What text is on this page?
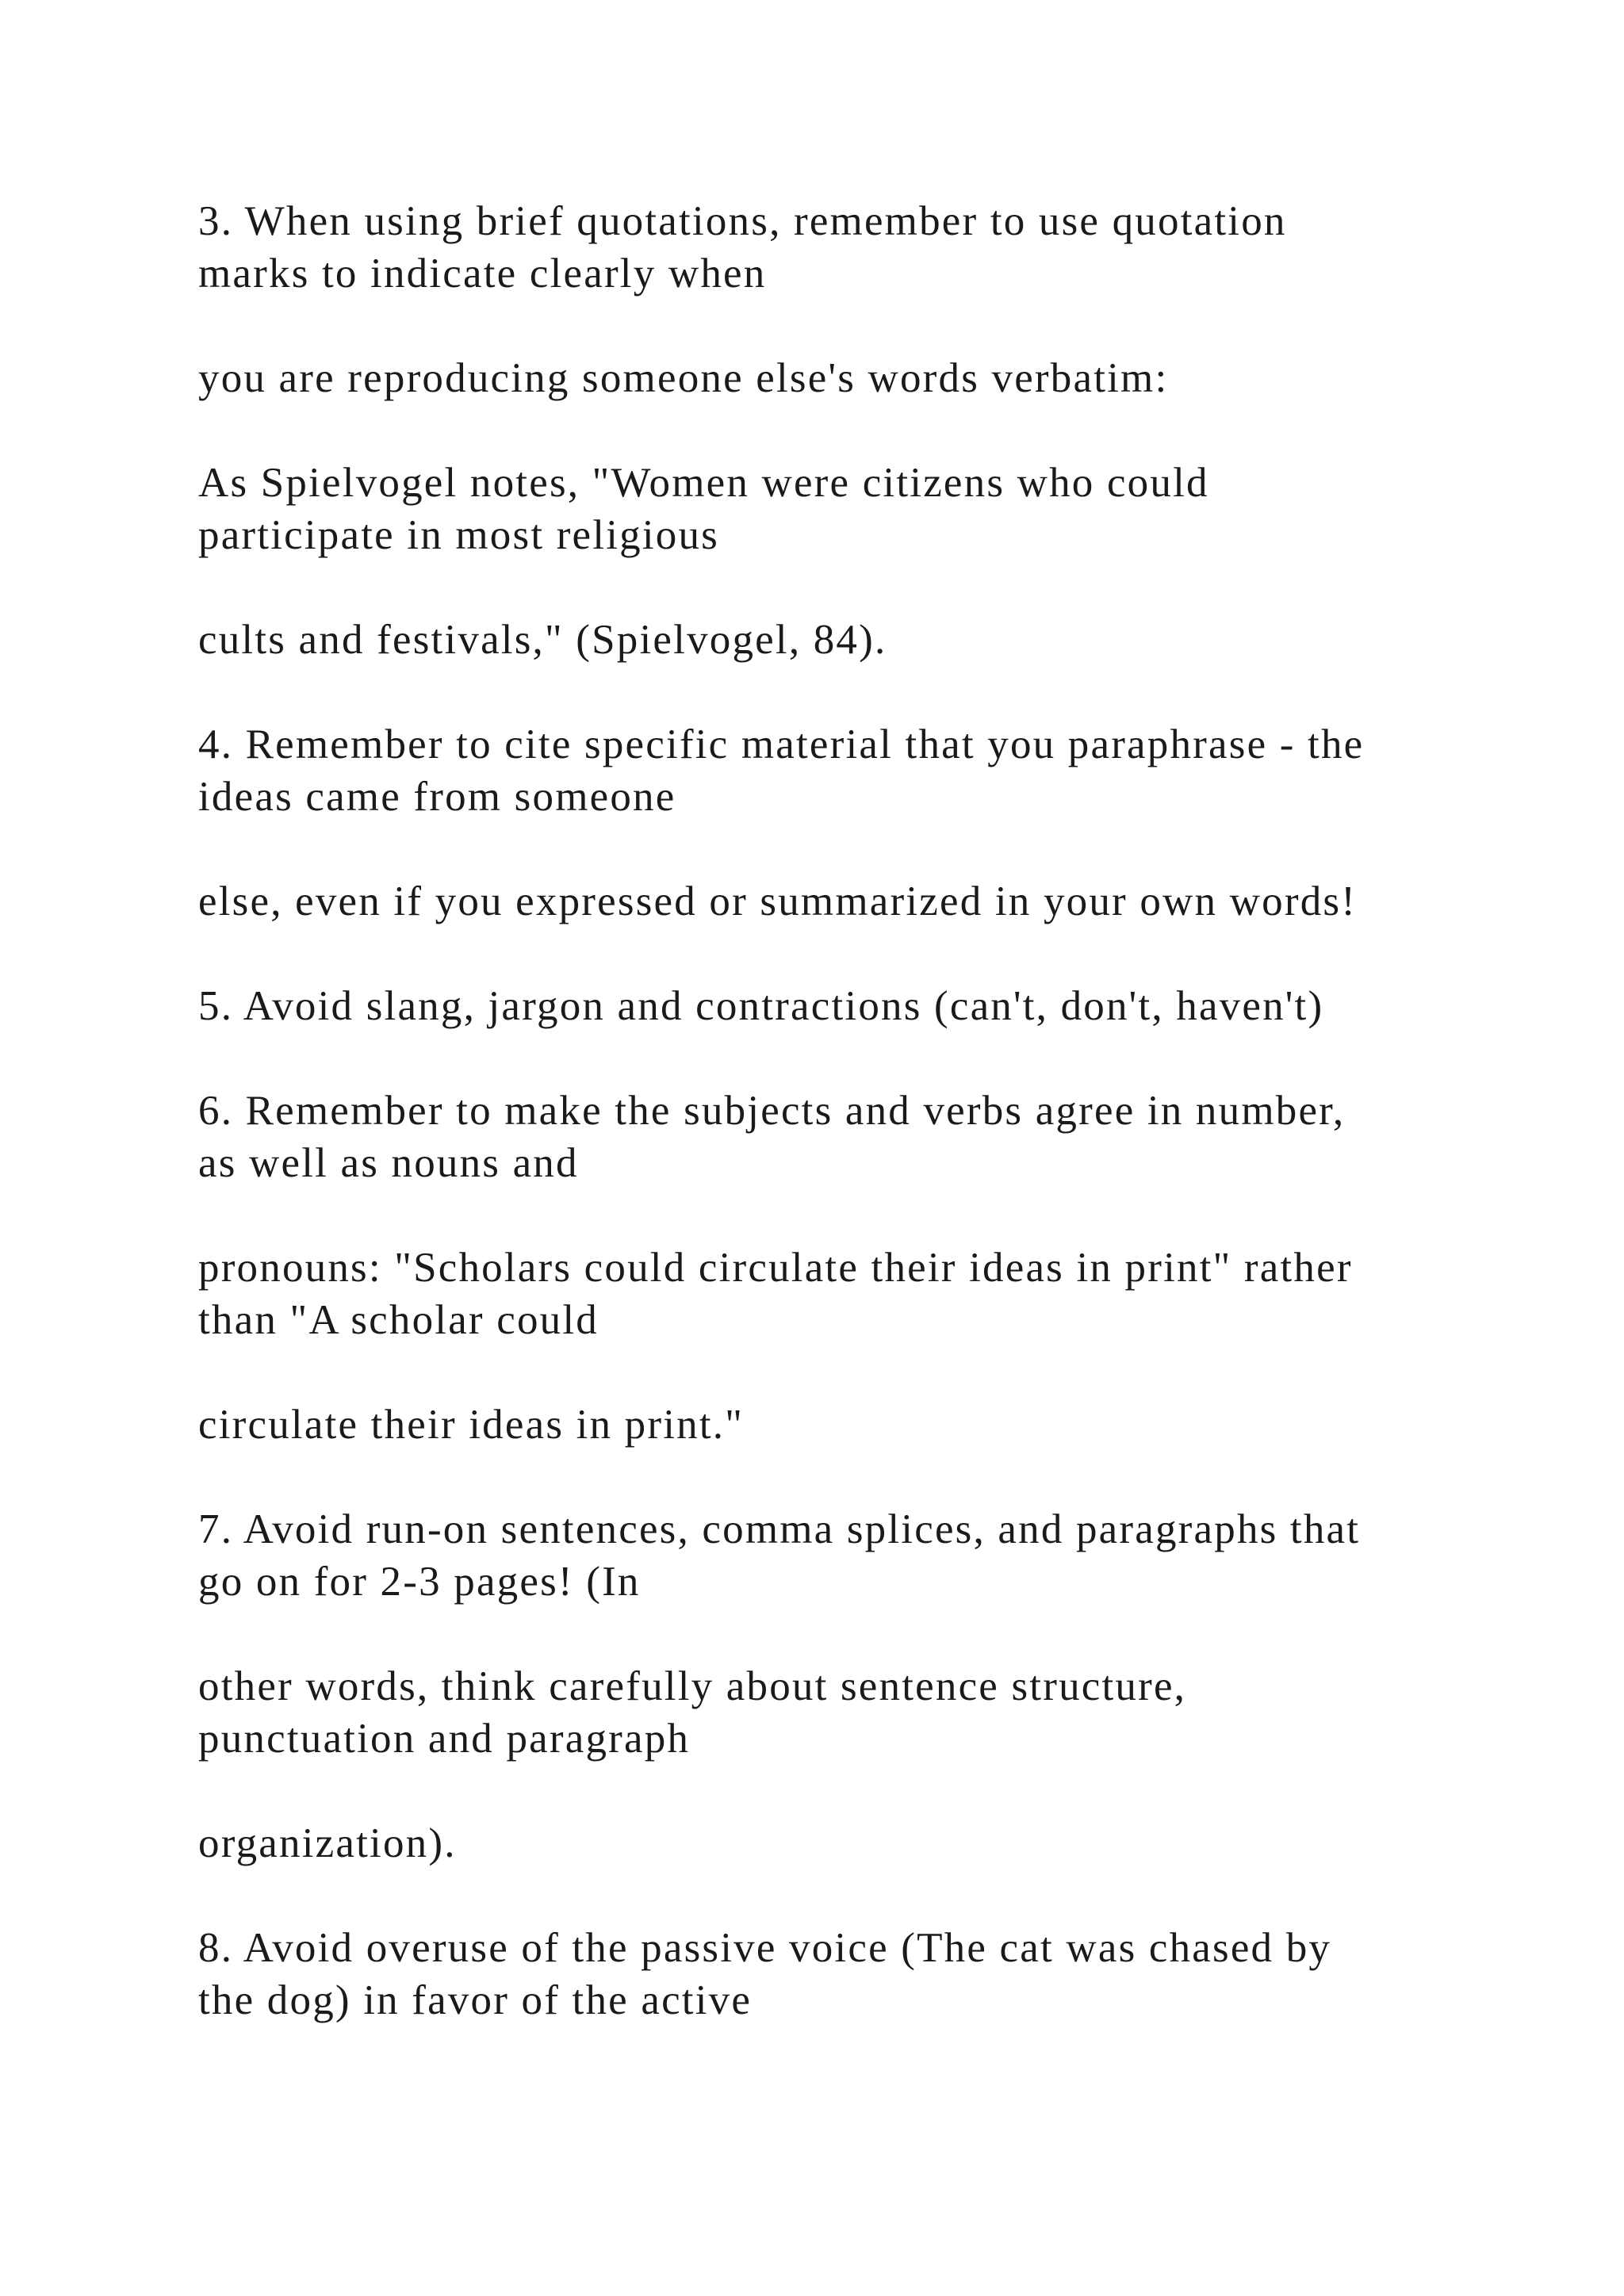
3. When using brief quotations, remember to use quotation

marks to indicate clearly when

you are reproducing someone else's words verbatim:

As Spielvogel notes, "Women were citizens who could

participate in most religious

cults and festivals," (Spielvogel, 84).

4. Remember to cite specific material that you paraphrase - the

ideas came from someone

else, even if you expressed or summarized in your own words!

5. Avoid slang, jargon and contractions (can't, don't, haven't)

6. Remember to make the subjects and verbs agree in number,

as well as nouns and

pronouns: "Scholars could circulate their ideas in print" rather

than "A scholar could

circulate their ideas in print."

7. Avoid run-on sentences, comma splices, and paragraphs that

go on for 2-3 pages! (In

other words, think carefully about sentence structure,

punctuation and paragraph

organization).

8. Avoid overuse of the passive voice (The cat was chased by

the dog) in favor of the active
